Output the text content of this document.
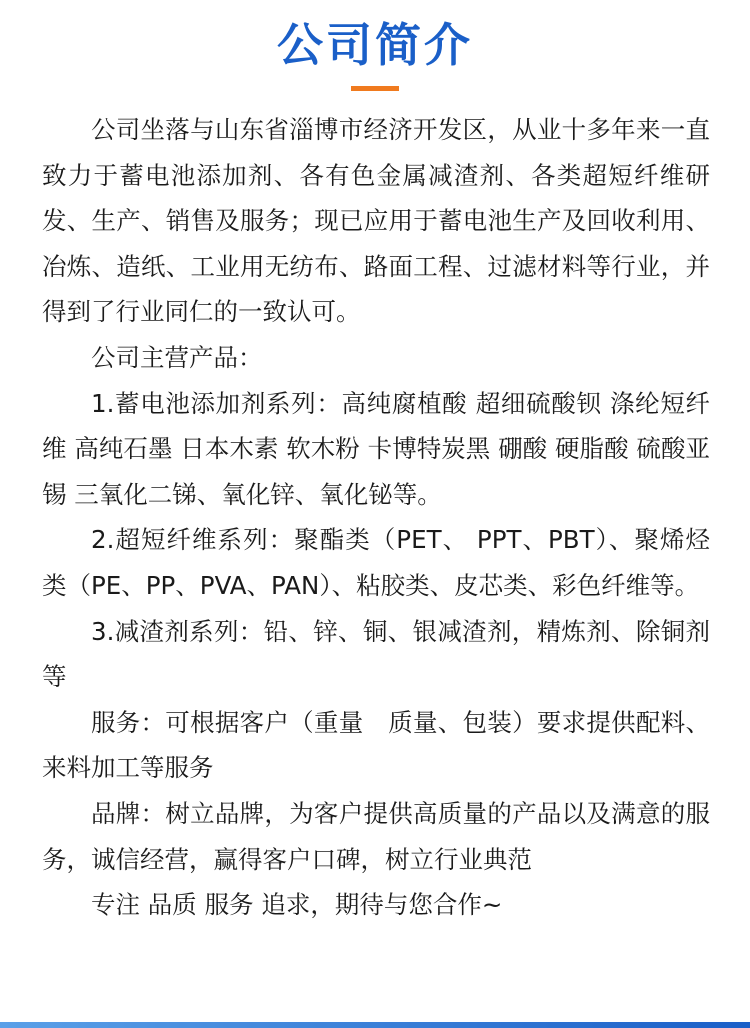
公司简介

公司坐落与山东省淄博市经济开发区，从业十多年来一直致力于蓄电池添加剂、各有色金属减渣剂、各类超短纤维研发、生产、销售及服务；现已应用于蓄电池生产及回收利用、冶炼、造纸、工业用无纺布、路面工程、过滤材料等行业，并得到了行业同仁的一致认可。

公司主营产品：

1.蓄电池添加剂系列：高纯腐植酸 超细硫酸钡 涤纶短纤维 高纯石墨 日本木素 软木粉 卡博特炭黑 硼酸 硬脂酸 硫酸亚锡 三氧化二锑、氧化锌、氧化铋等。

2.超短纤维系列：聚酯类（PET、 PPT、PBT）、聚烯烃类（PE、PP、PVA、PAN）、粘胶类、皮芯类、彩色纤维等。

3.减渣剂系列：铅、锌、铜、银减渣剂，精炼剂、除铜剂等

服务：可根据客户（重量　质量、包装）要求提供配料、来料加工等服务

品牌：树立品牌，为客户提供高质量的产品以及满意的服务，诚信经营，赢得客户口碑，树立行业典范

专注 品质 服务 追求，期待与您合作~
